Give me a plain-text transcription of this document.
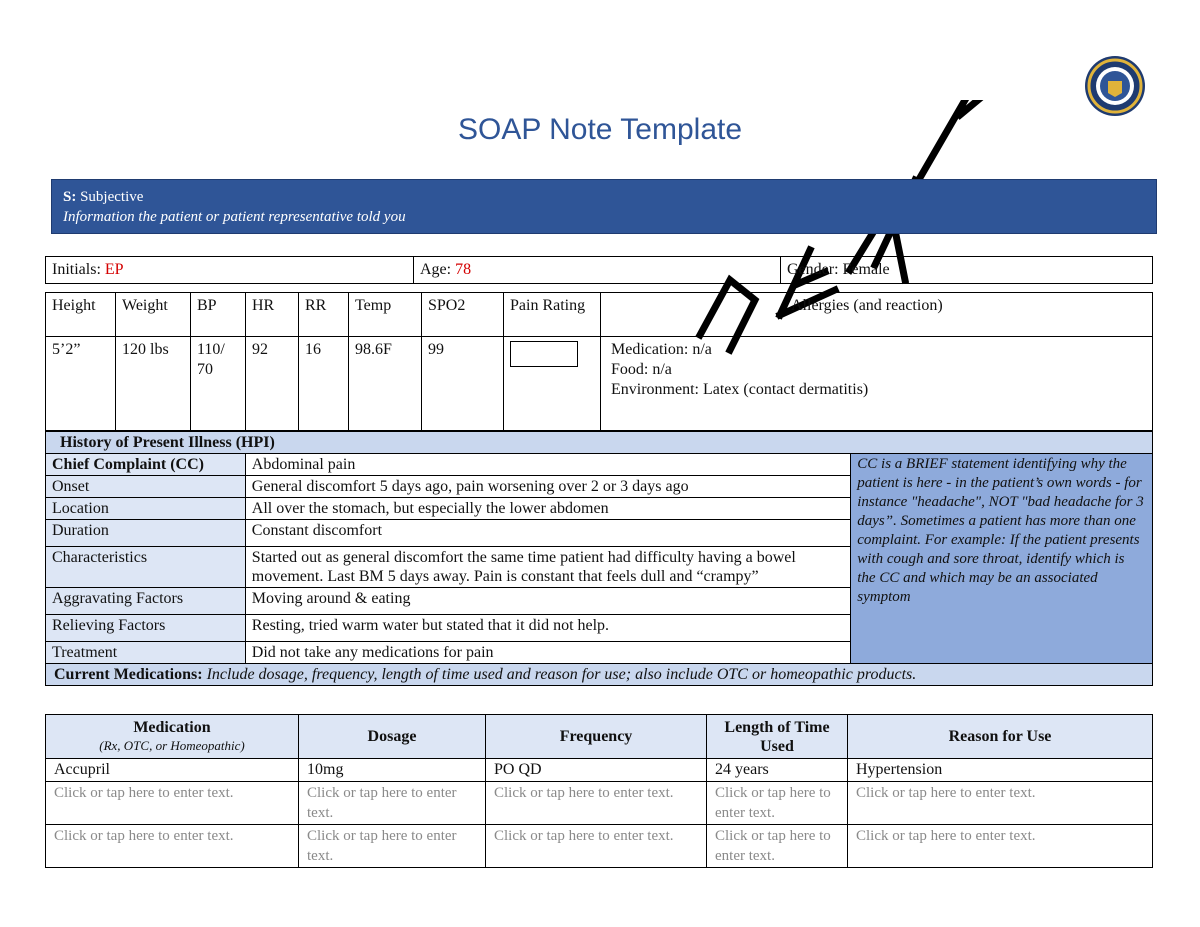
SOAP Note Template
S: Subjective
Information the patient or patient representative told you
Initials: EP	Age: 78	Gender: Female
Height	Weight	BP	HR	RR	Temp	SPO2	Pain Rating	Allergies (and reaction)
5’2”	120 lbs	110/ 70	92	16	98.6F	99		Medication: n/a
Food: n/a
Environment: Latex (contact dermatitis)
History of Present Illness (HPI)		
Chief Complaint (CC)	Abdominal pain	CC is a BRIEF statement identifying why the patient is here - in the patient’s own words - for instance "headache", NOT "bad headache for 3 days”. Sometimes a patient has more than one complaint. For example: If the patient presents with cough and sore throat, identify which is the CC and which may be an associated symptom
Onset	General discomfort 5 days ago, pain worsening over 2 or 3 days ago	
Location	All over the stomach, but especially the lower abdomen	
Duration	Constant discomfort	
Characteristics	Started out as general discomfort the same time patient had difficulty having a bowel movement. Last BM 5 days away. Pain is constant that feels dull and “crampy”	
Aggravating Factors	Moving around & eating	
Relieving Factors	Resting, tried warm water but stated that it did not help.	
Treatment	Did not take any medications for pain	
Current Medications: Include dosage, frequency, length of time used and reason for use; also include OTC or homeopathic products.		
Medication
(Rx, OTC, or Homeopathic)	Dosage	Frequency	Length of Time Used	Reason for Use
Accupril	10mg	PO QD	24 years	Hypertension
Click or tap here to enter text.	Click or tap here to enter text.	Click or tap here to enter text.	Click or tap here to enter text.	Click or tap here to enter text.
Click or tap here to enter text.	Click or tap here to enter text.	Click or tap here to enter text.	Click or tap here to enter text.	Click or tap here to enter text.
